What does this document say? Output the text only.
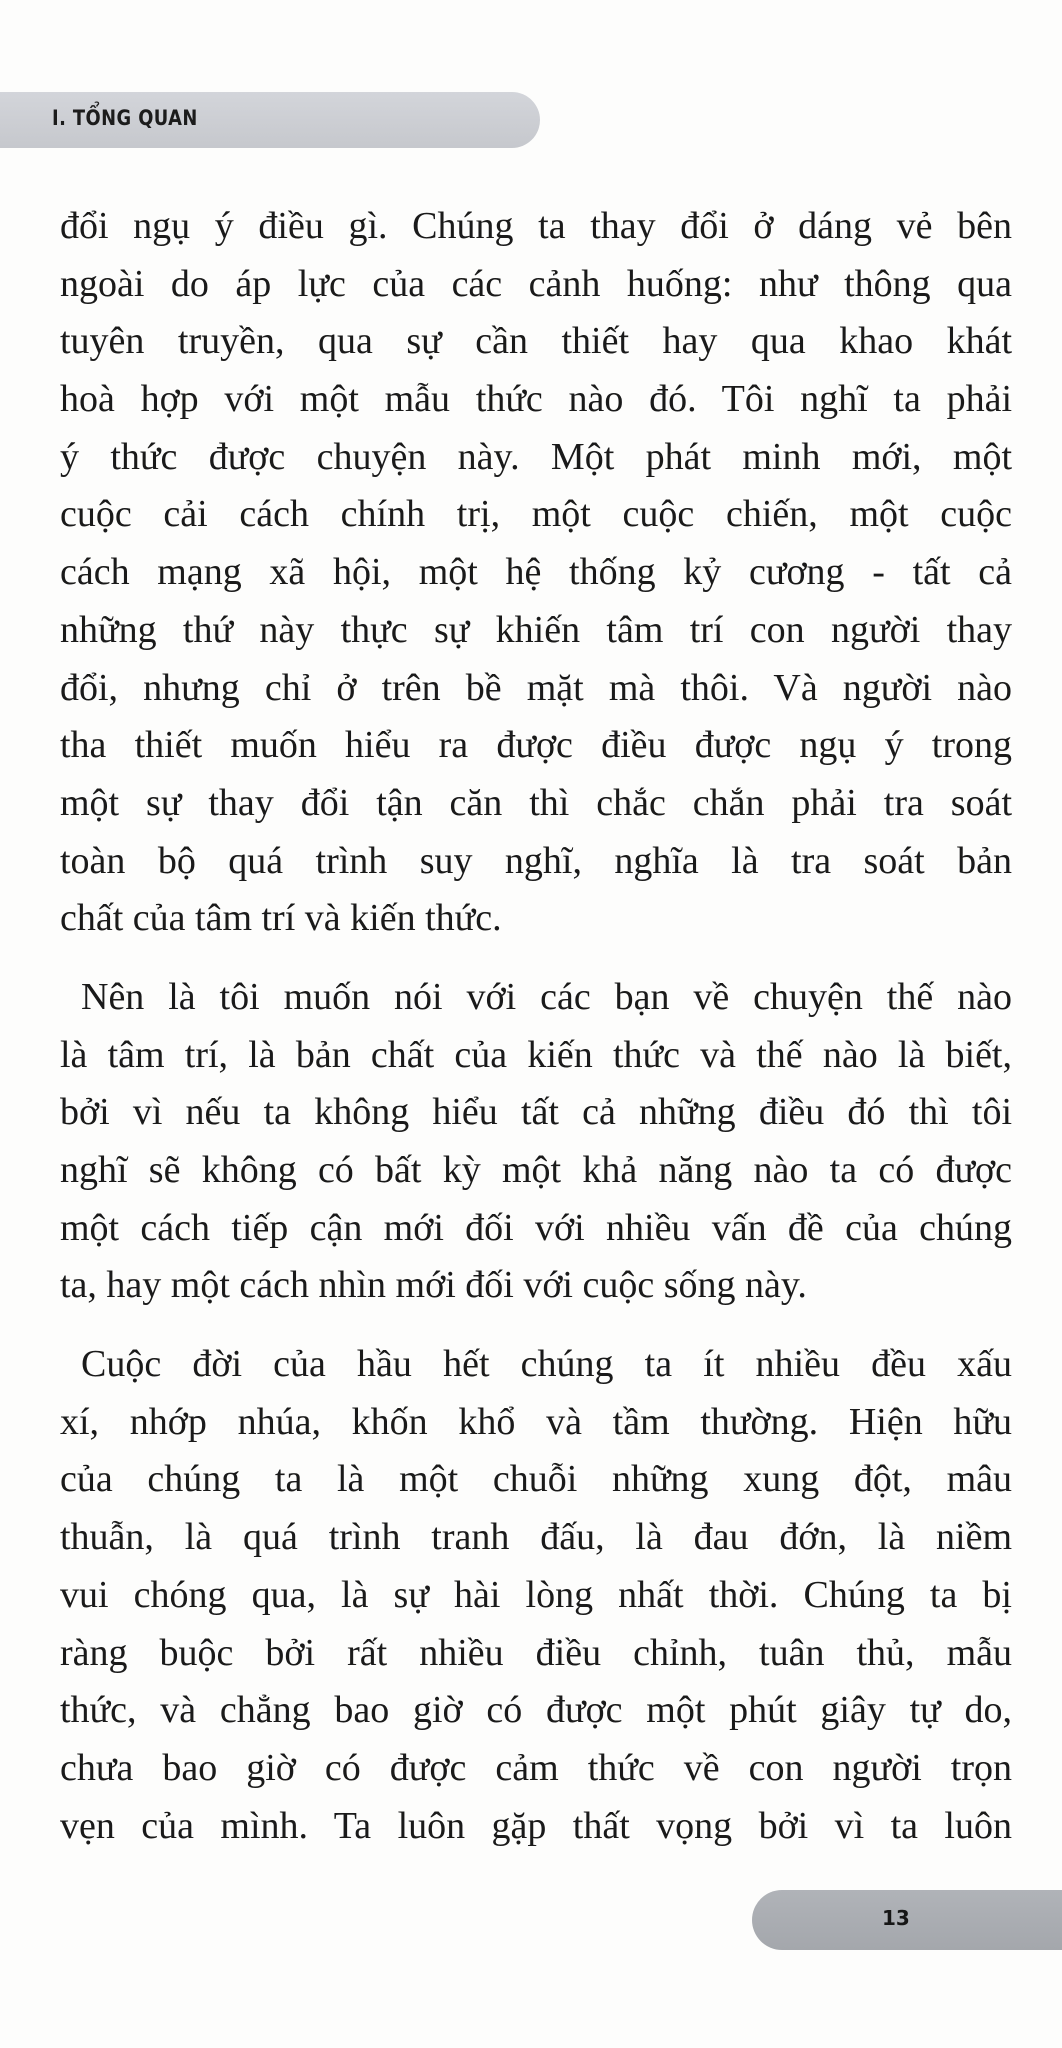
I. TỔNG QUAN
đổi ngụ ý điều gì. Chúng ta thay đổi ở dáng vẻ bên
ngoài do áp lực của các cảnh huống: như thông qua
tuyên truyền, qua sự cần thiết hay qua khao khát
hoà hợp với một mẫu thức nào đó. Tôi nghĩ ta phải
ý thức được chuyện này. Một phát minh mới, một
cuộc cải cách chính trị, một cuộc chiến, một cuộc
cách mạng xã hội, một hệ thống kỷ cương - tất cả
những thứ này thực sự khiến tâm trí con người thay
đổi, nhưng chỉ ở trên bề mặt mà thôi. Và người nào
tha thiết muốn hiểu ra được điều được ngụ ý trong
một sự thay đổi tận căn thì chắc chắn phải tra soát
toàn bộ quá trình suy nghĩ, nghĩa là tra soát bản
chất của tâm trí và kiến thức.
Nên là tôi muốn nói với các bạn về chuyện thế nào
là tâm trí, là bản chất của kiến thức và thế nào là biết,
bởi vì nếu ta không hiểu tất cả những điều đó thì tôi
nghĩ sẽ không có bất kỳ một khả năng nào ta có được
một cách tiếp cận mới đối với nhiều vấn đề của chúng
ta, hay một cách nhìn mới đối với cuộc sống này.
Cuộc đời của hầu hết chúng ta ít nhiều đều xấu
xí, nhớp nhúa, khốn khổ và tầm thường. Hiện hữu
của chúng ta là một chuỗi những xung đột, mâu
thuẫn, là quá trình tranh đấu, là đau đớn, là niềm
vui chóng qua, là sự hài lòng nhất thời. Chúng ta bị
ràng buộc bởi rất nhiều điều chỉnh, tuân thủ, mẫu
thức, và chẳng bao giờ có được một phút giây tự do,
chưa bao giờ có được cảm thức về con người trọn
vẹn của mình. Ta luôn gặp thất vọng bởi vì ta luôn
13
